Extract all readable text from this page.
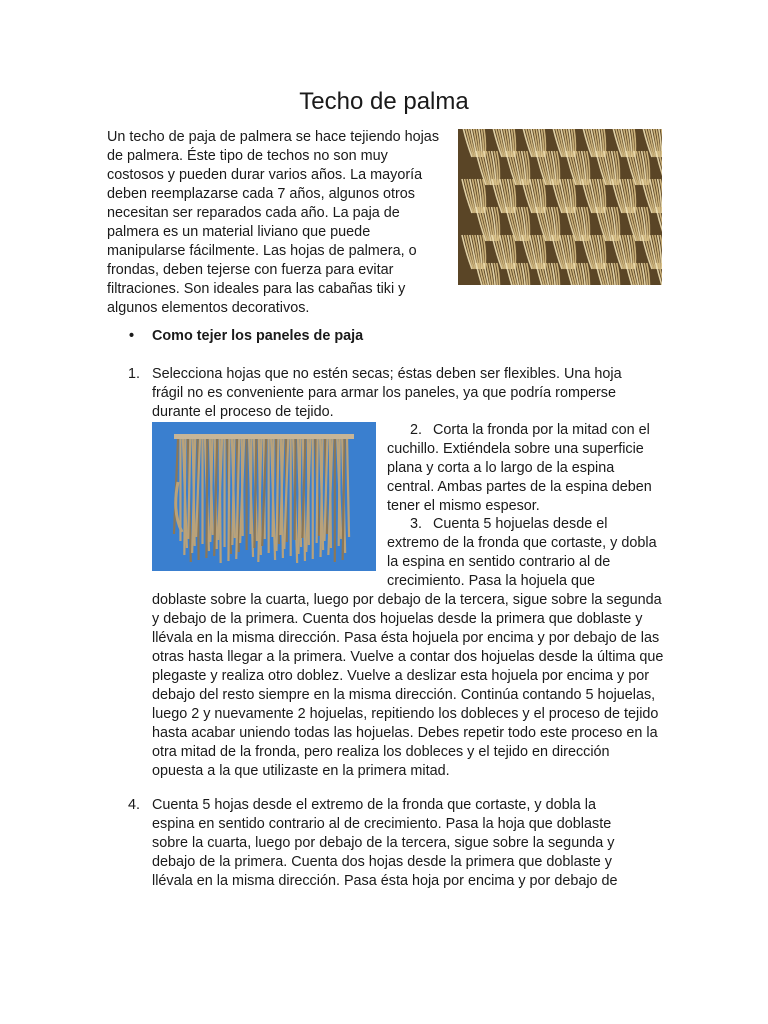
Techo de palma

Un techo de paja de palmera se hace tejiendo hojas de palmera. Éste tipo de techos no son muy costosos y pueden durar varios años. La mayoría deben reemplazarse cada 7 años, algunos otros necesitan ser reparados cada año. La paja de palmera es un material liviano que puede manipularse fácilmente. Las hojas de palmera, o frondas, deben tejerse con fuerza para evitar filtraciones. Son ideales para las cabañas tiki y algunos elementos decorativos.

• Como tejer los paneles de paja
1. Selecciona hojas que no estén secas; éstas deben ser flexibles. Una hoja frágil no es conveniente para armar los paneles, ya que podría romperse durante el proceso de tejido.

2. Corta la fronda por la mitad con el cuchillo. Extiéndela sobre una superficie plana y corta a lo largo de la espina central. Ambas partes de la espina deben tener el mismo espesor.

3. Cuenta 5 hojuelas desde el extremo de la fronda que cortaste, y dobla la espina en sentido contrario al de crecimiento. Pasa la hojuela que

doblaste sobre la cuarta, luego por debajo de la tercera, sigue sobre la segunda y debajo de la primera. Cuenta dos hojuelas desde la primera que doblaste y llévala en la misma dirección. Pasa ésta hojuela por encima y por debajo de las otras hasta llegar a la primera. Vuelve a contar dos hojuelas desde la última que plegaste y realiza otro doblez. Vuelve a deslizar esta hojuela por encima y por debajo del resto siempre en la misma dirección. Continúa contando 5 hojuelas, luego 2 y nuevamente 2 hojuelas, repitiendo los dobleces y el proceso de tejido hasta acabar uniendo todas las hojuelas. Debes repetir todo este proceso en la otra mitad de la fronda, pero realiza los dobleces y el tejido en dirección opuesta a la que utilizaste en la primera mitad.

4. Cuenta 5 hojas desde el extremo de la fronda que cortaste, y dobla la espina en sentido contrario al de crecimiento. Pasa la hoja que doblaste sobre la cuarta, luego por debajo de la tercera, sigue sobre la segunda y debajo de la primera. Cuenta dos hojas desde la primera que doblaste y llévala en la misma dirección. Pasa ésta hoja por encima y por debajo de
